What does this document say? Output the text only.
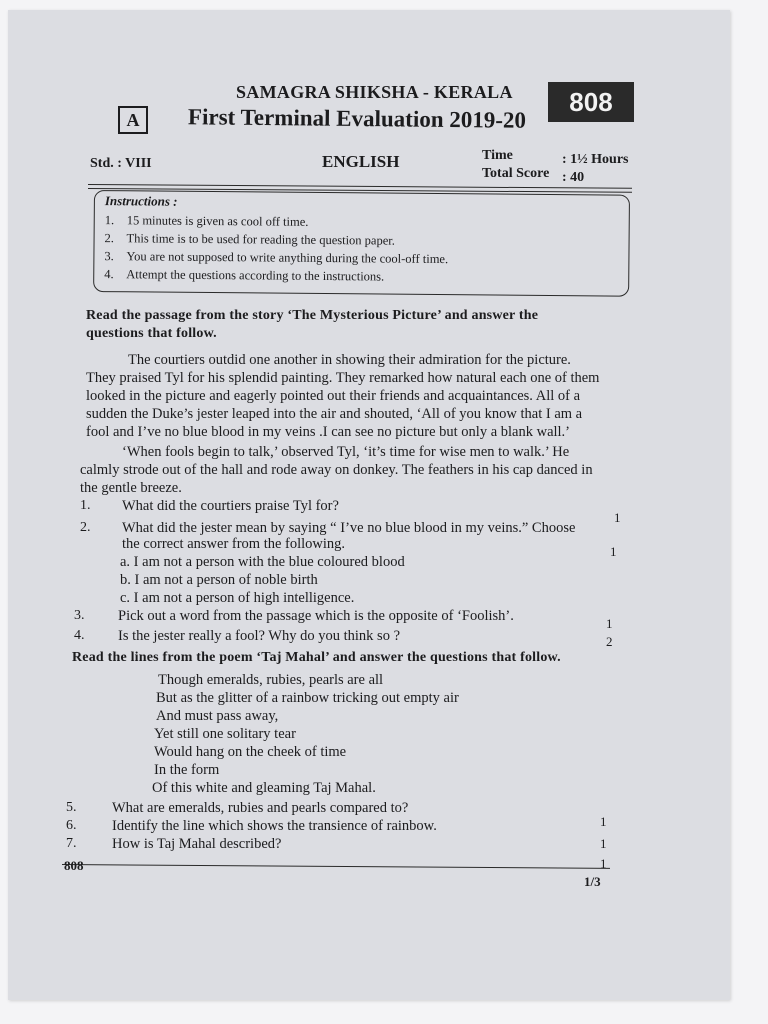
SAMAGRA SHIKSHA - KERALA	808
A	First Terminal Evaluation 2019-20
Std. : VIII	ENGLISH	Time	: 1½ Hours
Total Score : 40
Instructions :
1. 15 minutes is given as cool off time.
2. This time is to be used for reading the question paper.
3. You are not supposed to write anything during the cool-off time.
4. Attempt the questions according to the instructions.
Read the passage from the story ‘The Mysterious Picture’ and answer the
questions that follow.
The courtiers outdid one another in showing their admiration for the picture.
They praised Tyl for his splendid painting. They remarked how natural each one of them
looked in the picture and eagerly pointed out their friends and acquaintances. All of a
sudden the Duke’s jester leaped into the air and shouted, ‘All of you know that I am a
fool and I’ve no blue blood in my veins .I can see no picture but only a blank wall.’
‘When fools begin to talk,’ observed Tyl, ‘it’s time for wise men to walk.’ He
calmly strode out of the hall and rode away on donkey. The feathers in his cap danced in
the gentle breeze.
1. What did the courtiers praise Tyl for?
1
2. What did the jester mean by saying “ I’ve no blue blood in my veins.” Choose
the correct answer from the following.	1
a. I am not a person with the blue coloured blood
b. I am not a person of noble birth
c. I am not a person of high intelligence.
3. Pick out a word from the passage which is the opposite of ‘Foolish’.	1
4. Is the jester really a fool? Why do you think so ?	2
Read the lines from the poem ‘Taj Mahal’ and answer the questions that follow.
Though emeralds, rubies, pearls are all
But as the glitter of a rainbow tricking out empty air
And must pass away,
Yet still one solitary tear
Would hang on the cheek of time
In the form
Of this white and gleaming Taj Mahal.
5. What are emeralds, rubies and pearls compared to?
1
6. Identify the line which shows the transience of rainbow.
1
7. How is Taj Mahal described?
1
808
1/3
